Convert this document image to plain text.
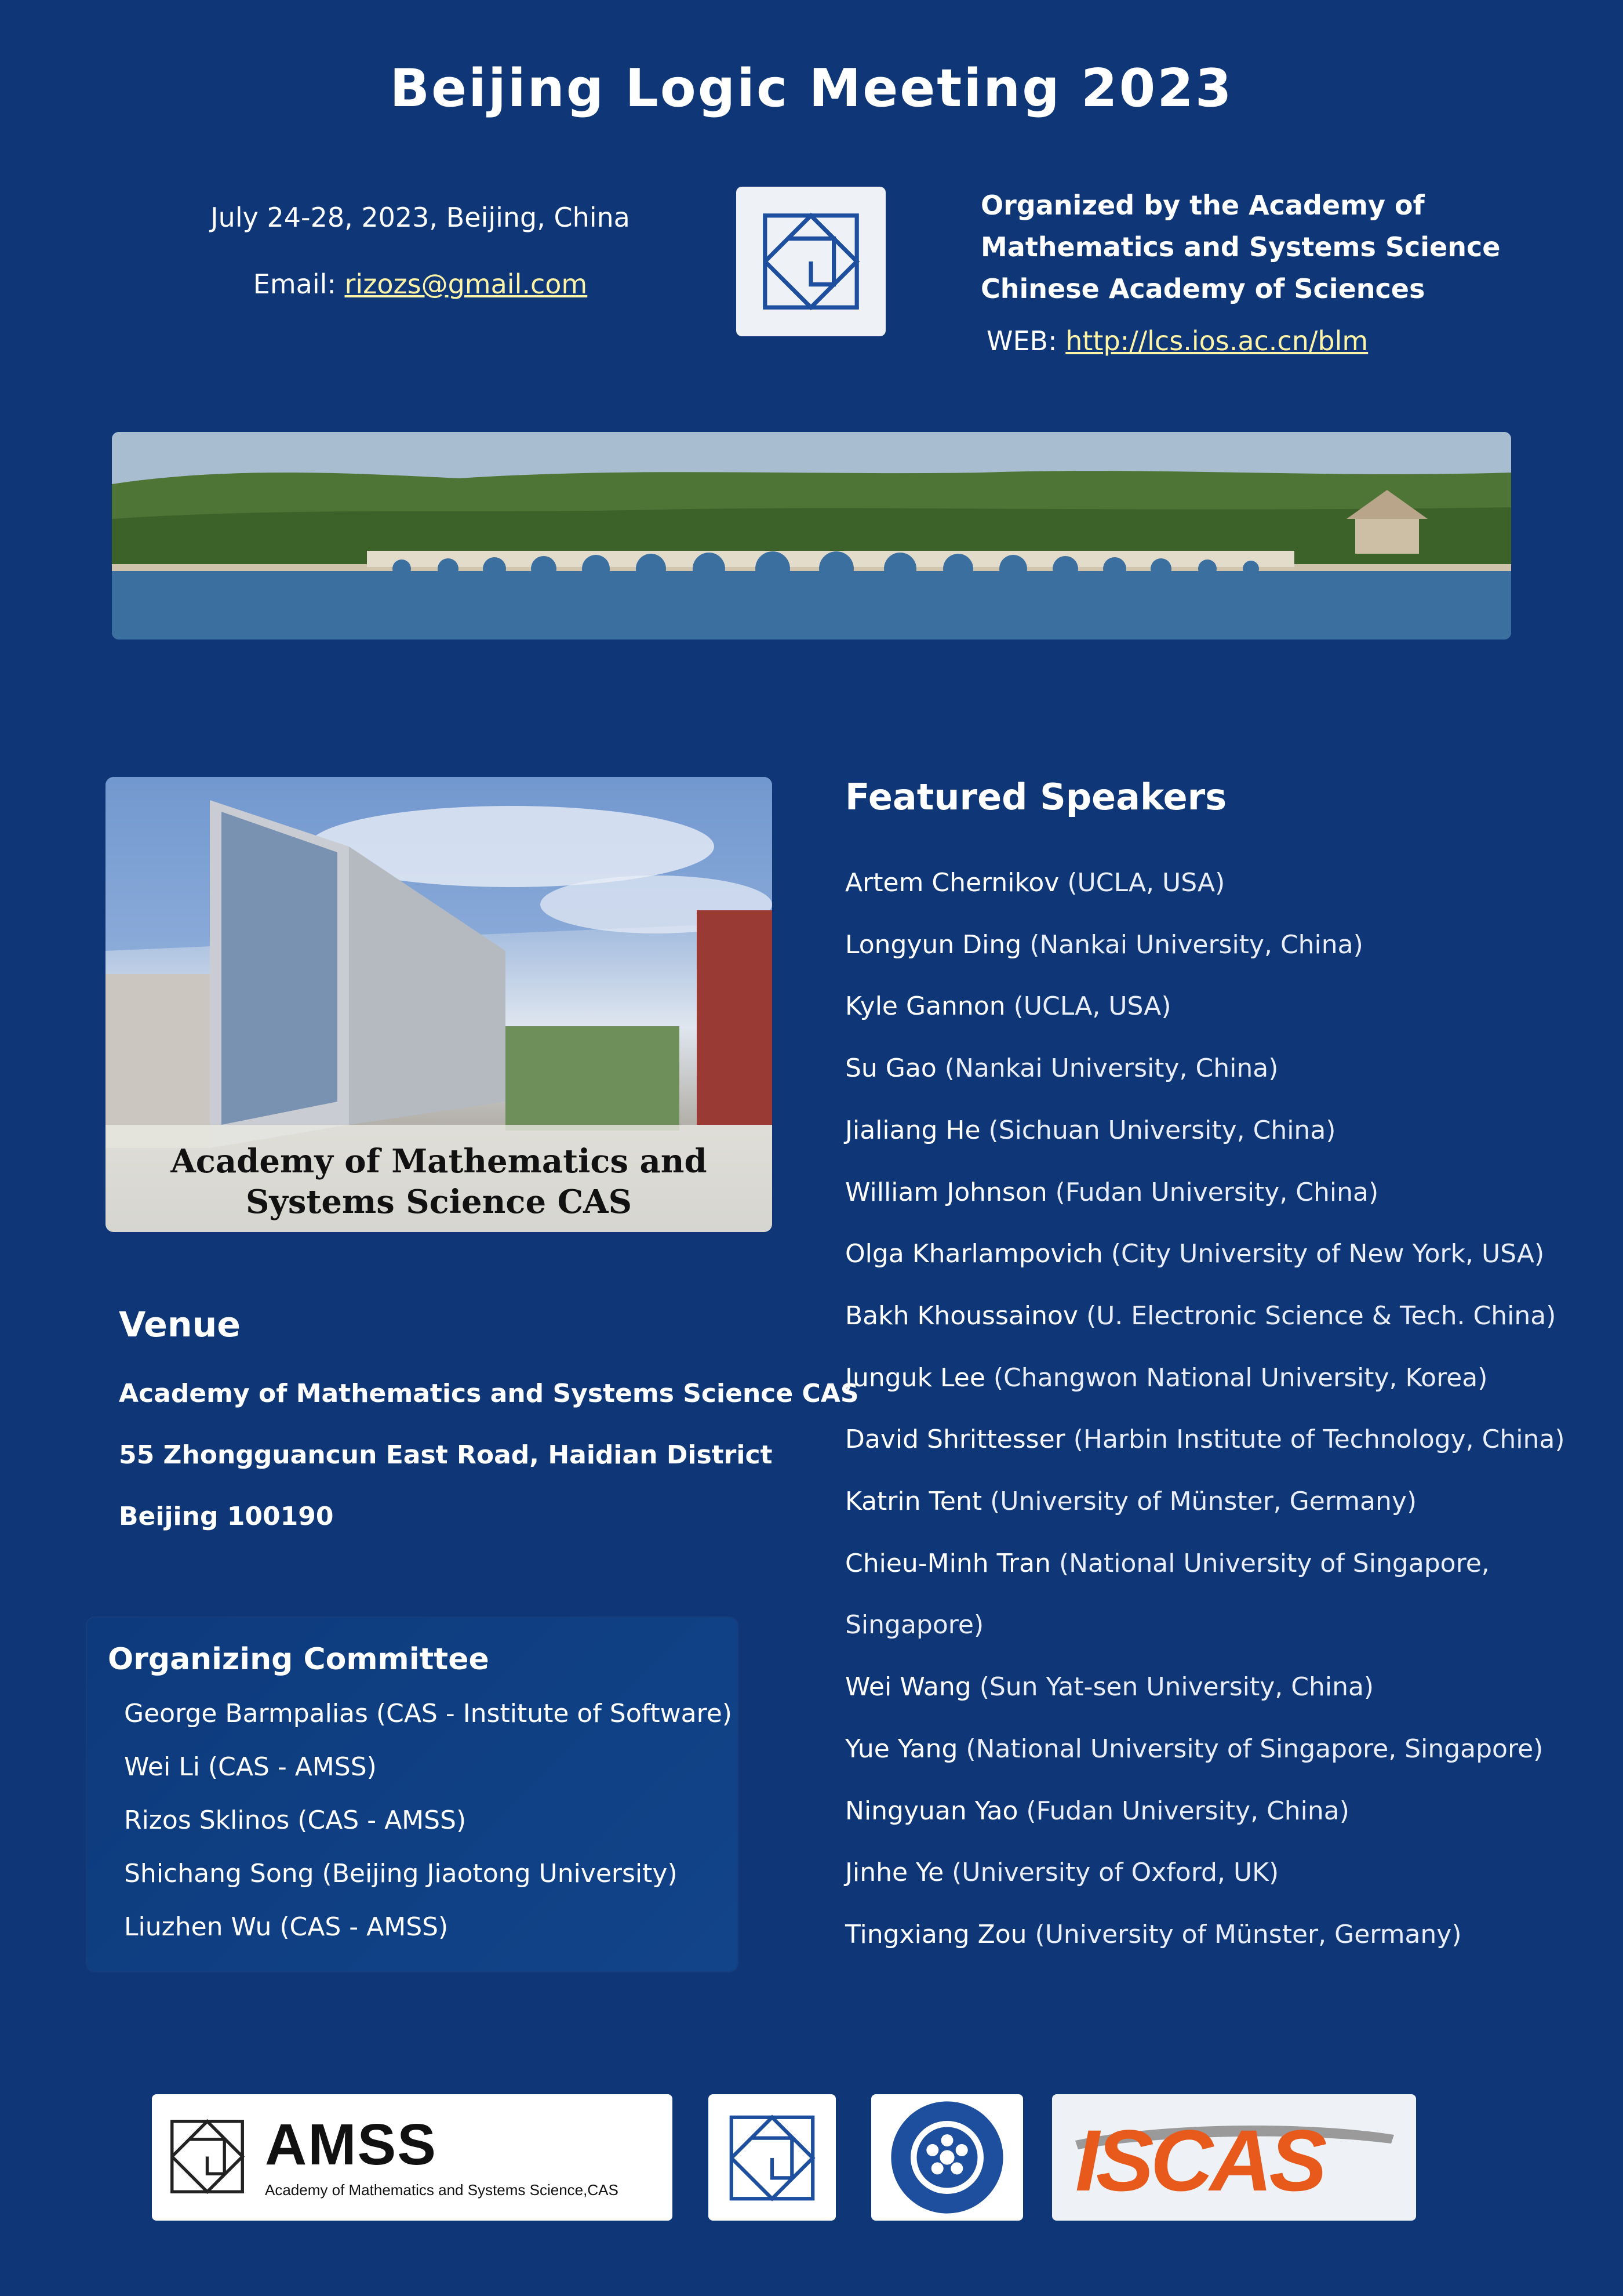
Beijing Logic Meeting 2023
July 24-28, 2023, Beijing, China
Email: rizozs@gmail.com
Organized by the Academy of
Mathematics and Systems Science
Chinese Academy of Sciences
WEB: http://lcs.ios.ac.cn/blm
Academy of Mathematics and
Systems Science CAS
Venue
Academy of Mathematics and Systems Science CAS
55 Zhongguancun East Road, Haidian District
Beijing 100190
Organizing Committee
George Barmpalias (CAS - Institute of Software)
Wei Li (CAS - AMSS)
Rizos Sklinos (CAS - AMSS)
Shichang Song (Beijing Jiaotong University)
Liuzhen Wu (CAS - AMSS)
Featured Speakers
Artem Chernikov (UCLA, USA)
Longyun Ding (Nankai University, China)
Kyle Gannon (UCLA, USA)
Su Gao (Nankai University, China)
Jialiang He (Sichuan University, China)
William Johnson (Fudan University, China)
Olga Kharlampovich (City University of New York, USA)
Bakh Khoussainov (U. Electronic Science & Tech. China)
Junguk Lee (Changwon National University, Korea)
David Shrittesser (Harbin Institute of Technology, China)
Katrin Tent (University of Münster, Germany)
Chieu-Minh Tran (National University of Singapore, Singapore)
Wei Wang (Sun Yat-sen University, China)
Yue Yang (National University of Singapore, Singapore)
Ningyuan Yao (Fudan University, China)
Jinhe Ye (University of Oxford, UK)
Tingxiang Zou (University of Münster, Germany)
AMSS
Academy of Mathematics and Systems Science,CAS	ISCAS
